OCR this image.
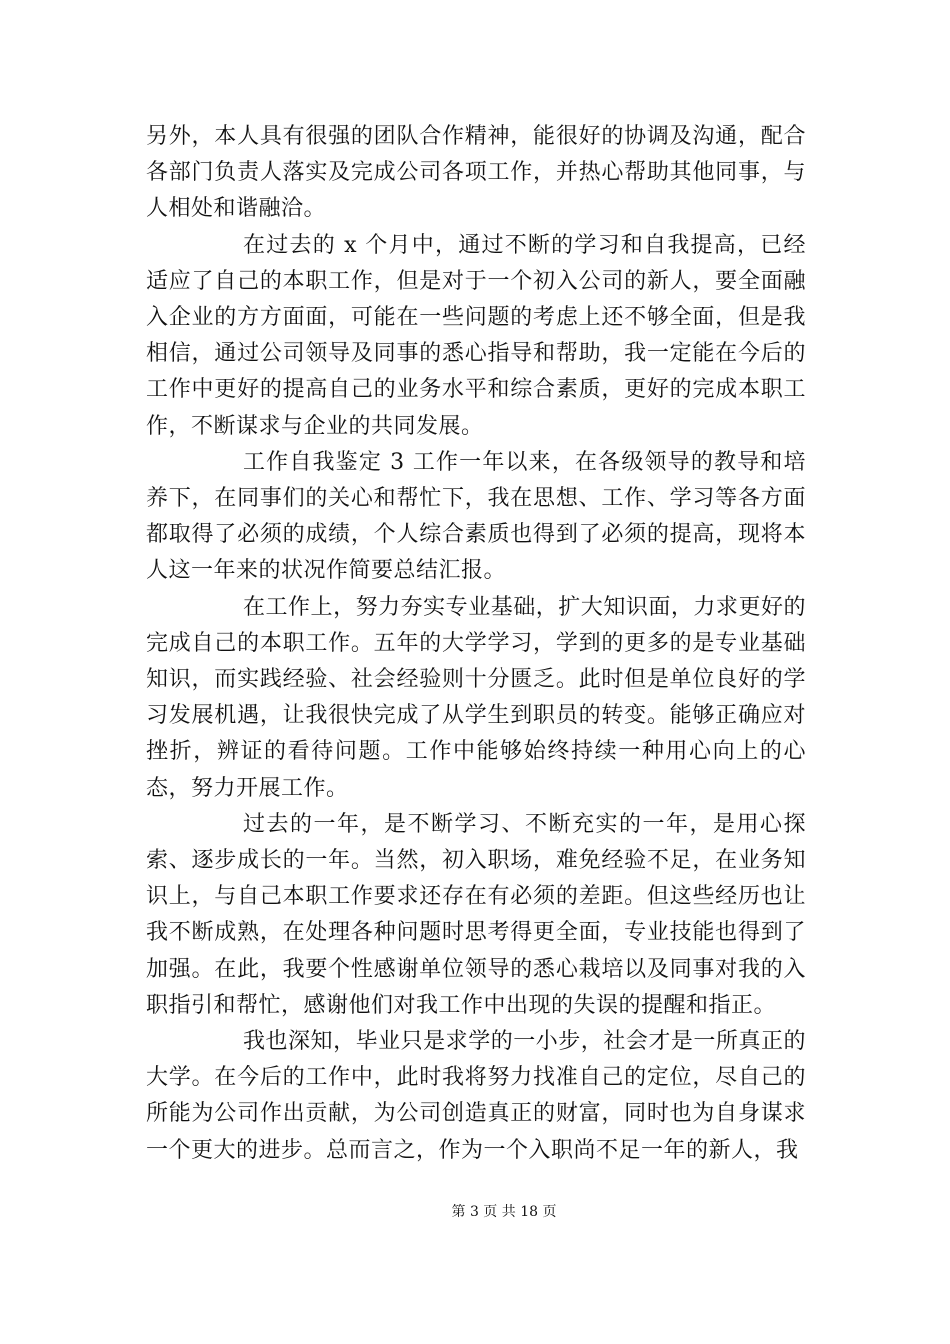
另外，本人具有很强的团队合作精神，能很好的协调及沟通，配合各部门负责人落实及完成公司各项工作，并热心帮助其他同事，与人相处和谐融洽。

在过去的 x 个月中，通过不断的学习和自我提高，已经适应了自己的本职工作，但是对于一个初入公司的新人，要全面融入企业的方方面面，可能在一些问题的考虑上还不够全面，但是我相信，通过公司领导及同事的悉心指导和帮助，我一定能在今后的工作中更好的提高自己的业务水平和综合素质，更好的完成本职工作，不断谋求与企业的共同发展。

工作自我鉴定 3 工作一年以来，在各级领导的教导和培养下，在同事们的关心和帮忙下，我在思想、工作、学习等各方面都取得了必须的成绩，个人综合素质也得到了必须的提高，现将本人这一年来的状况作简要总结汇报。

在工作上，努力夯实专业基础，扩大知识面，力求更好的完成自己的本职工作。五年的大学学习，学到的更多的是专业基础知识，而实践经验、社会经验则十分匮乏。此时但是单位良好的学习发展机遇，让我很快完成了从学生到职员的转变。能够正确应对挫折，辨证的看待问题。工作中能够始终持续一种用心向上的心态，努力开展工作。

过去的一年，是不断学习、不断充实的一年，是用心探索、逐步成长的一年。当然，初入职场，难免经验不足，在业务知识上，与自己本职工作要求还存在有必须的差距。但这些经历也让我不断成熟，在处理各种问题时思考得更全面，专业技能也得到了加强。在此，我要个性感谢单位领导的悉心栽培以及同事对我的入职指引和帮忙，感谢他们对我工作中出现的失误的提醒和指正。

我也深知，毕业只是求学的一小步，社会才是一所真正的大学。在今后的工作中，此时我将努力找准自己的定位，尽自己的所能为公司作出贡献，为公司创造真正的财富，同时也为自身谋求一个更大的进步。总而言之，作为一个入职尚不足一年的新人，我

第 3 页 共 18 页
